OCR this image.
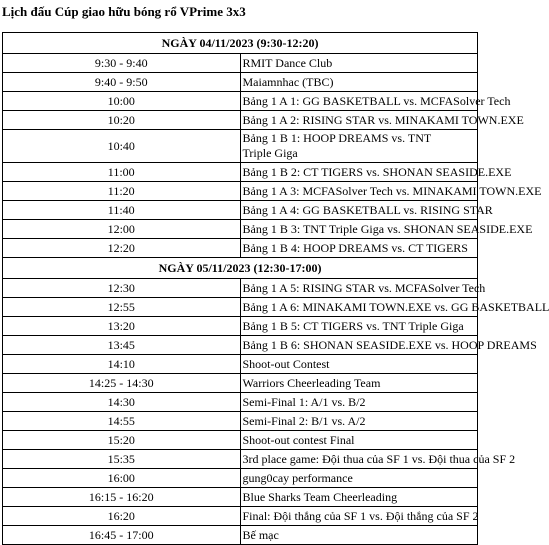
Lịch đấu Cúp giao hữu bóng rổ VPrime 3x3
NGÀY 04/11/2023 (9:30-12:20)	
9:30 - 9:40	RMIT Dance Club
9:40 - 9:50	Maiamnhac (TBC)
10:00	Bảng 1 A 1: GG BASKETBALL vs. MCFASolver Tech
10:20	Bảng 1 A 2: RISING STAR vs. MINAKAMI TOWN.EXE
10:40	Bảng 1 B 1: HOOP DREAMS vs. TNT Triple Giga

11:00	Bảng 1 B 2: CT TIGERS vs. SHONAN SEASIDE.EXE
11:20	Bảng 1 A 3: MCFASolver Tech vs. MINAKAMI TOWN.EXE
11:40	Bảng 1 A 4: GG BASKETBALL vs. RISING STAR
12:00	Bảng 1 B 3: TNT Triple Giga vs. SHONAN SEASIDE.EXE
12:20	Bảng 1 B 4: HOOP DREAMS vs. CT TIGERS
NGÀY 05/11/2023 (12:30-17:00)	
12:30	Bảng 1 A 5: RISING STAR vs. MCFASolver Tech
12:55	Bảng 1 A 6: MINAKAMI TOWN.EXE vs. GG BASKETBALL
13:20	Bảng 1 B 5: CT TIGERS vs. TNT Triple Giga
13:45	Bảng 1 B 6: SHONAN SEASIDE.EXE vs. HOOP DREAMS
14:10	Shoot-out Contest
14:25 - 14:30	Warriors Cheerleading Team
14:30	Semi-Final 1: A/1 vs. B/2
14:55	Semi-Final 2: B/1 vs. A/2
15:20	Shoot-out contest Final
15:35	3rd place game: Đội thua của SF 1 vs. Đội thua của SF 2
16:00	gung0cay performance
16:15 - 16:20	Blue Sharks Team Cheerleading
16:20	Final: Đội thắng của SF 1 vs. Đội thắng của SF 2
16:45 - 17:00	Bế mạc
